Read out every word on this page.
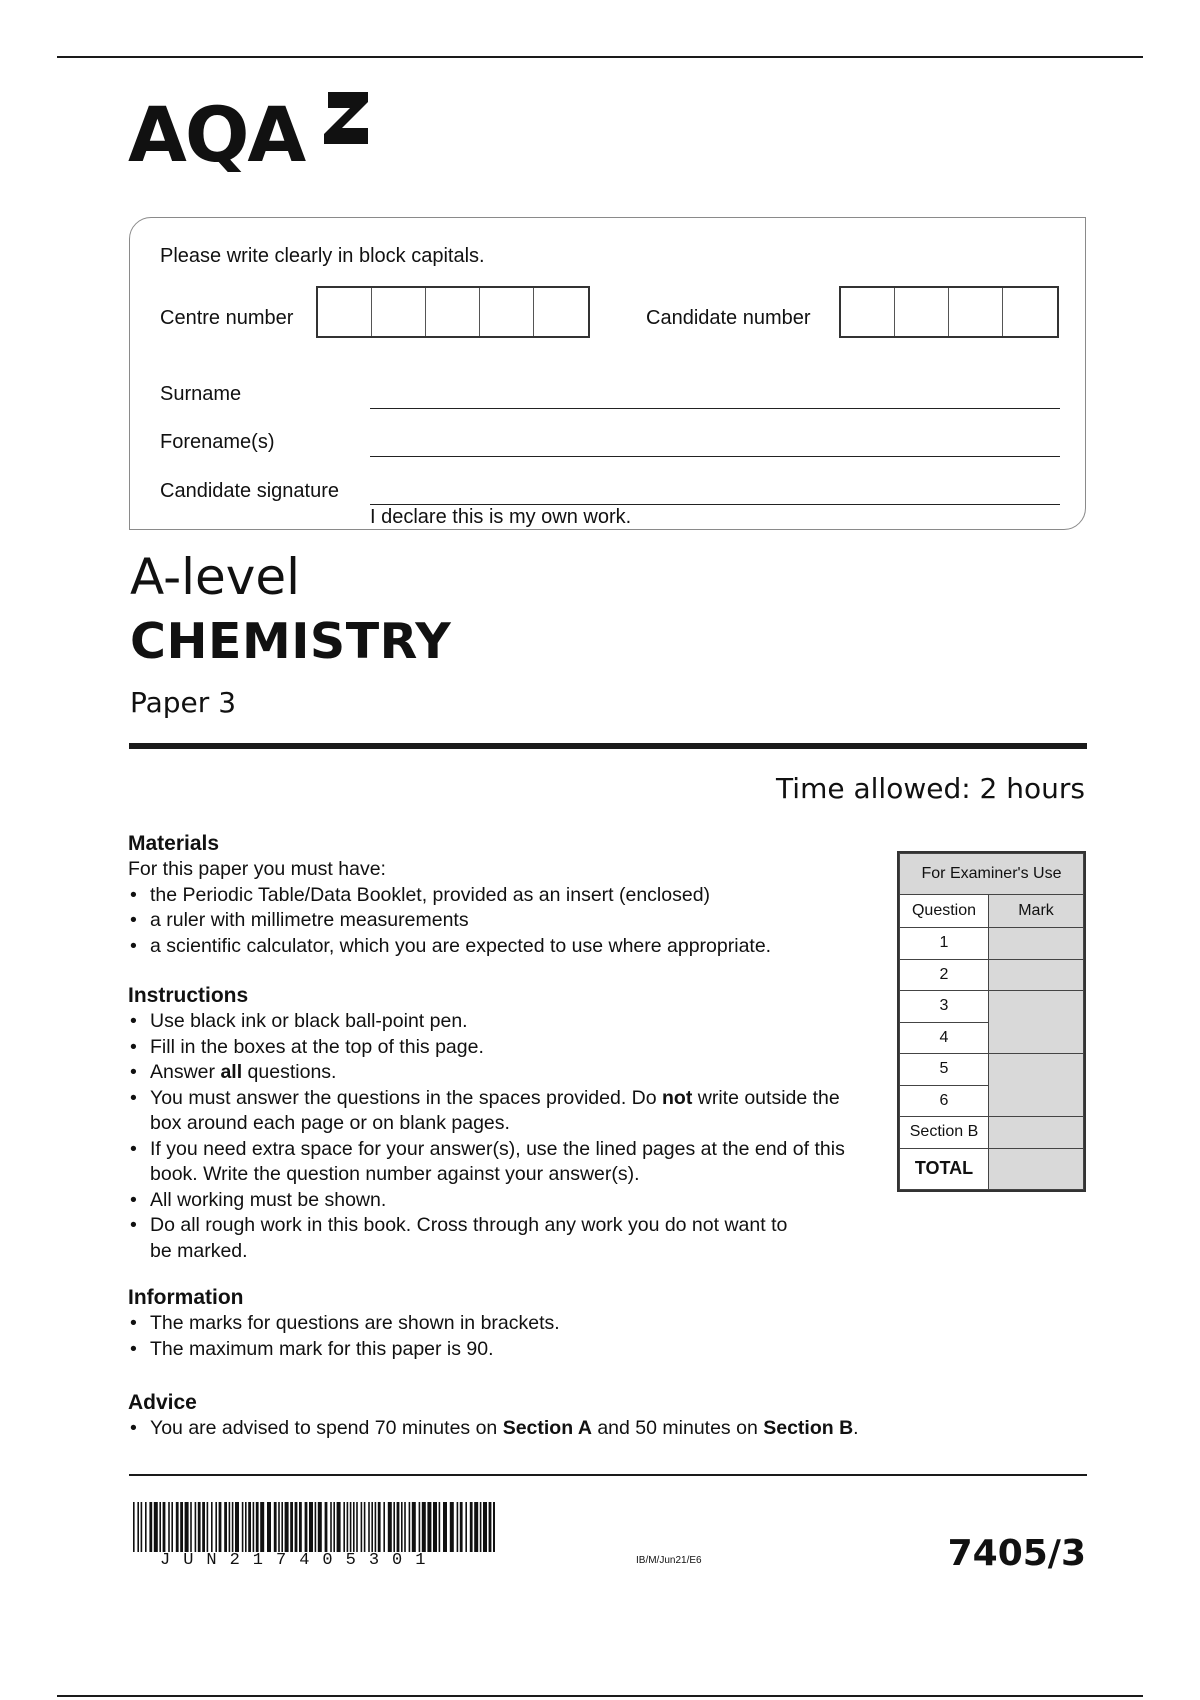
AQA
Please write clearly in block capitals.
Centre number	Candidate number
Surname
Forename(s)
Candidate signature
I declare this is my own work.
A-level
CHEMISTRY
Paper 3
Time allowed: 2 hours
Materials

For this paper you must have:

• the Periodic Table/Data Booklet, provided as an insert (enclosed)
• a ruler with millimetre measurements
• a scientific calculator, which you are expected to use where appropriate.
Instructions
• Use black ink or black ball-point pen.
• Fill in the boxes at the top of this page.
• Answer all questions.
• You must answer the questions in the spaces provided. Do not write outside the box around each page or on blank pages.
• If you need extra space for your answer(s), use the lined pages at the end of this book. Write the question number against your answer(s).
• All working must be shown.
• Do all rough work in this book. Cross through any work you do not want to be marked.
Information
• The marks for questions are shown in brackets.
• The maximum mark for this paper is 90.
Advice
• You are advised to spend 70 minutes on Section A and 50 minutes on Section B.
For Examiner's Use	
Question	Mark
1	
2	
3	
4	
5	
6	
Section B	
TOTAL	
JUN217405301	IB/M/Jun21/E6	7405/3
